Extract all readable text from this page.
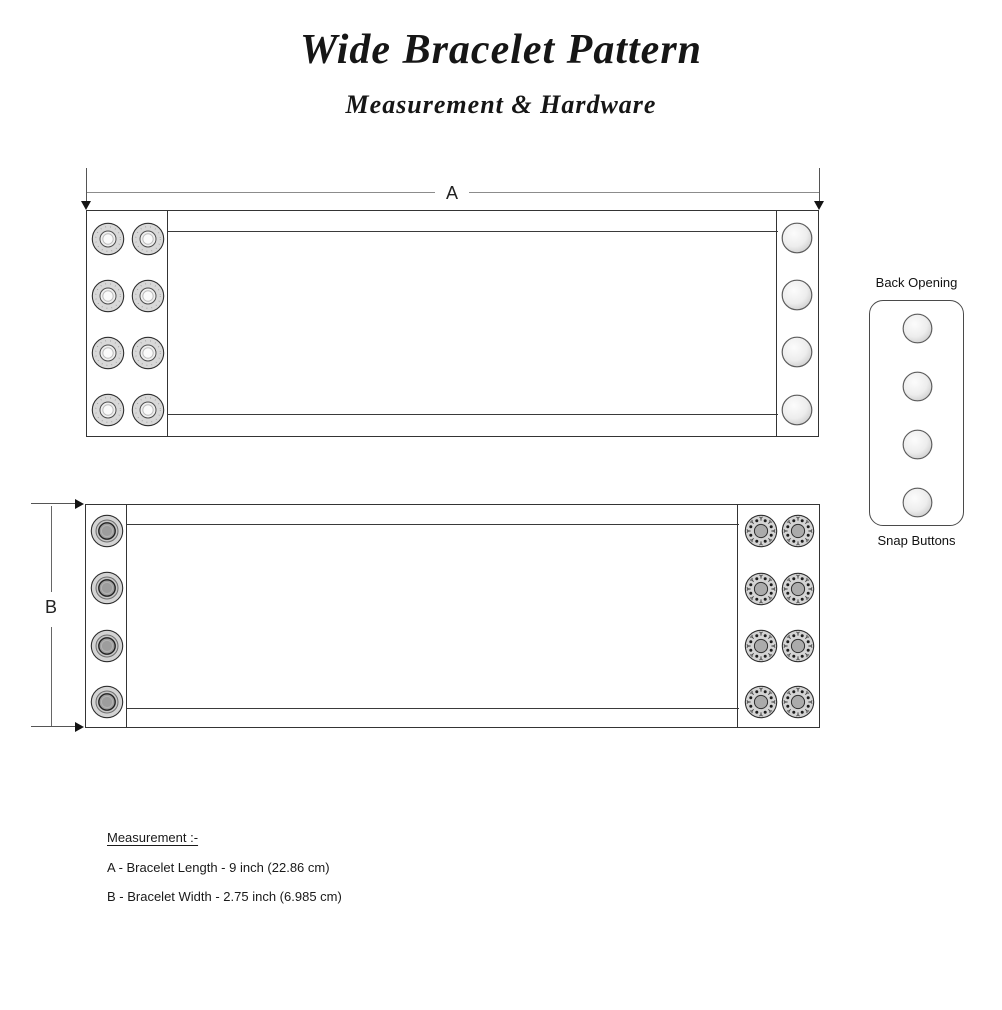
Wide Bracelet Pattern
Measurement & Hardware
A
Back Opening
Snap Buttons
B
Measurement :-
A - Bracelet Length - 9 inch (22.86 cm)
B - Bracelet Width - 2.75 inch (6.985 cm)
